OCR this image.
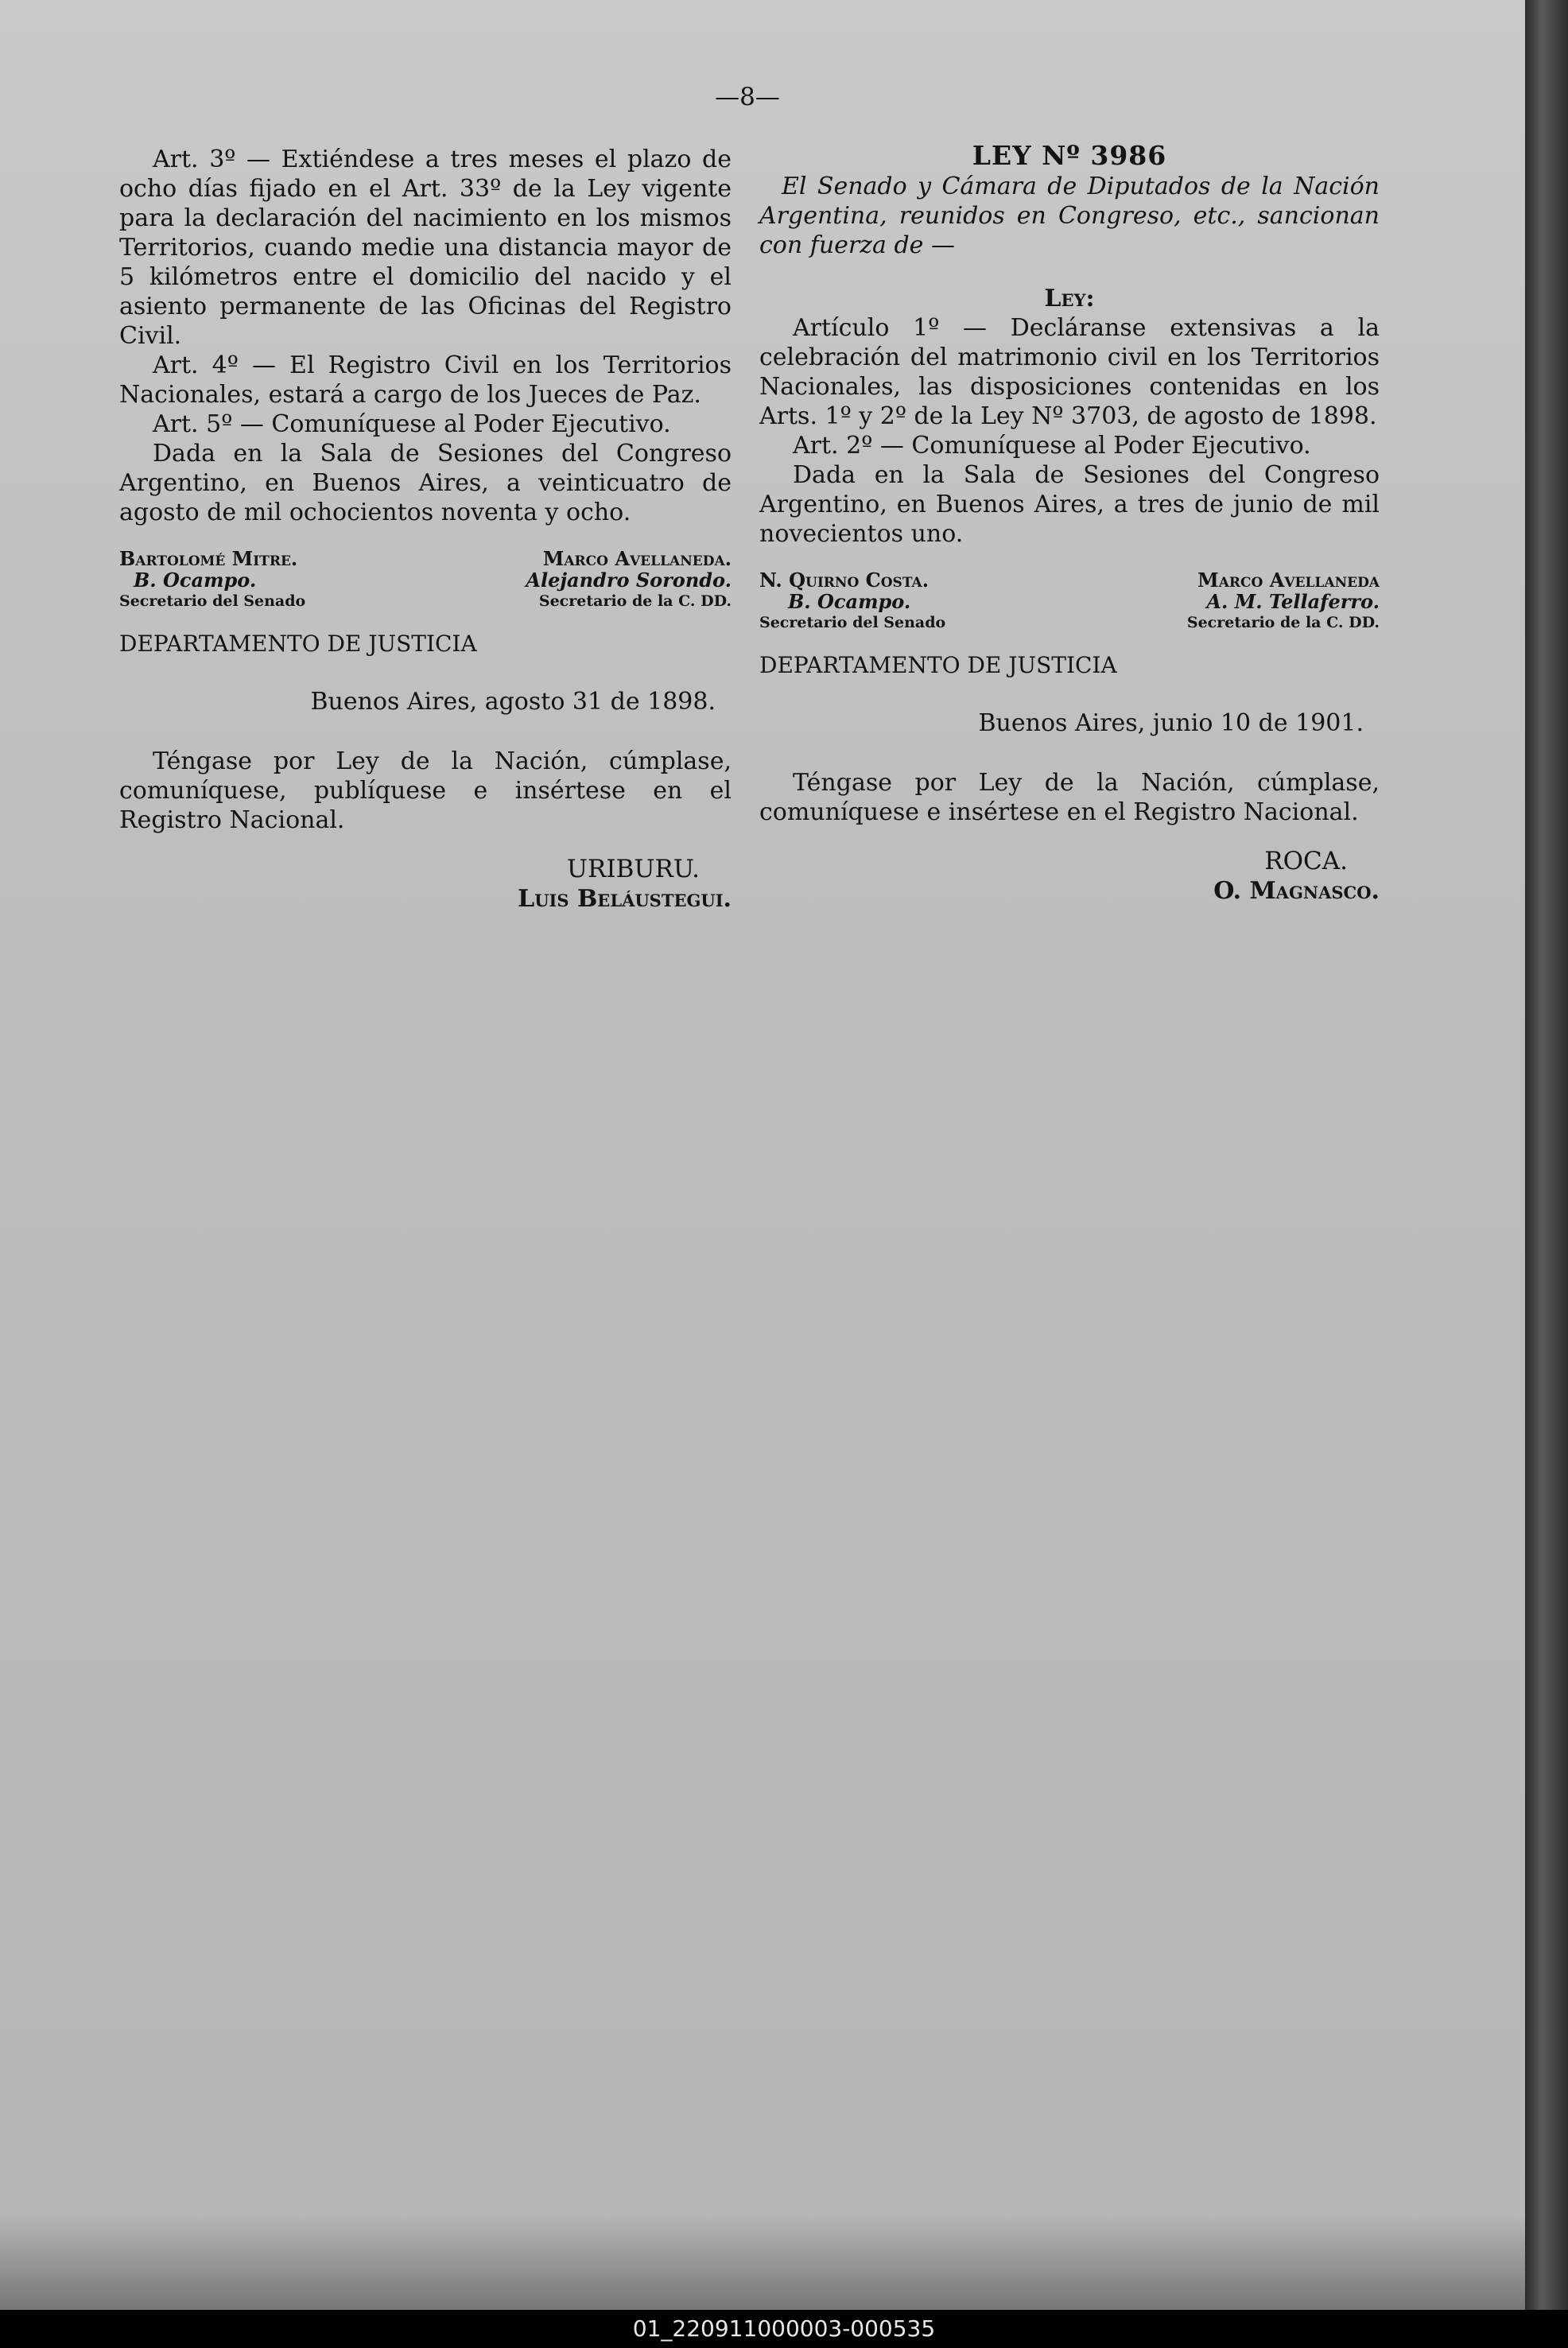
—8—

Art. 3º — Extiéndese a tres meses el plazo de ocho días fijado en el Art. 33º de la Ley vigente para la declaración del nacimiento en los mismos Territorios, cuando medie una distancia mayor de 5 kilómetros entre el domicilio del nacido y el asiento permanente de las Oficinas del Registro Civil.

Art. 4º — El Registro Civil en los Territorios Nacionales, estará a cargo de los Jueces de Paz.

Art. 5º — Comuníquese al Poder Ejecutivo.

Dada en la Sala de Sesiones del Congreso Argentino, en Buenos Aires, a veinticuatro de agosto de mil ochocientos noventa y ocho.

Bartolomé Mitre.
B. Ocampo.
Secretario del Senado
Marco Avellaneda.
Alejandro Sorondo.
Secretario de la C. DD.
DEPARTAMENTO DE JUSTICIA

Buenos Aires, agosto 31 de 1898.

Téngase por Ley de la Nación, cúmplase, comuníquese, publíquese e insértese en el Registro Nacional.

URIBURU.
Luis Beláustegui.
LEY Nº 3986

El Senado y Cámara de Diputados de la Nación Argentina, reunidos en Congreso, etc., sancionan con fuerza de —

Ley:

Artículo 1º — Decláranse extensivas a la celebración del matrimonio civil en los Territorios Nacionales, las disposiciones contenidas en los Arts. 1º y 2º de la Ley Nº 3703, de agosto de 1898.

Art. 2º — Comuníquese al Poder Ejecutivo.

Dada en la Sala de Sesiones del Congreso Argentino, en Buenos Aires, a tres de junio de mil novecientos uno.

N. Quirno Costa.
B. Ocampo.
Secretario del Senado
Marco Avellaneda
A. M. Tellaferro.
Secretario de la C. DD.
DEPARTAMENTO DE JUSTICIA

Buenos Aires, junio 10 de 1901.

Téngase por Ley de la Nación, cúmplase, comuníquese e insértese en el Registro Nacional.

ROCA.
O. Magnasco.
01_220911000003-000535
